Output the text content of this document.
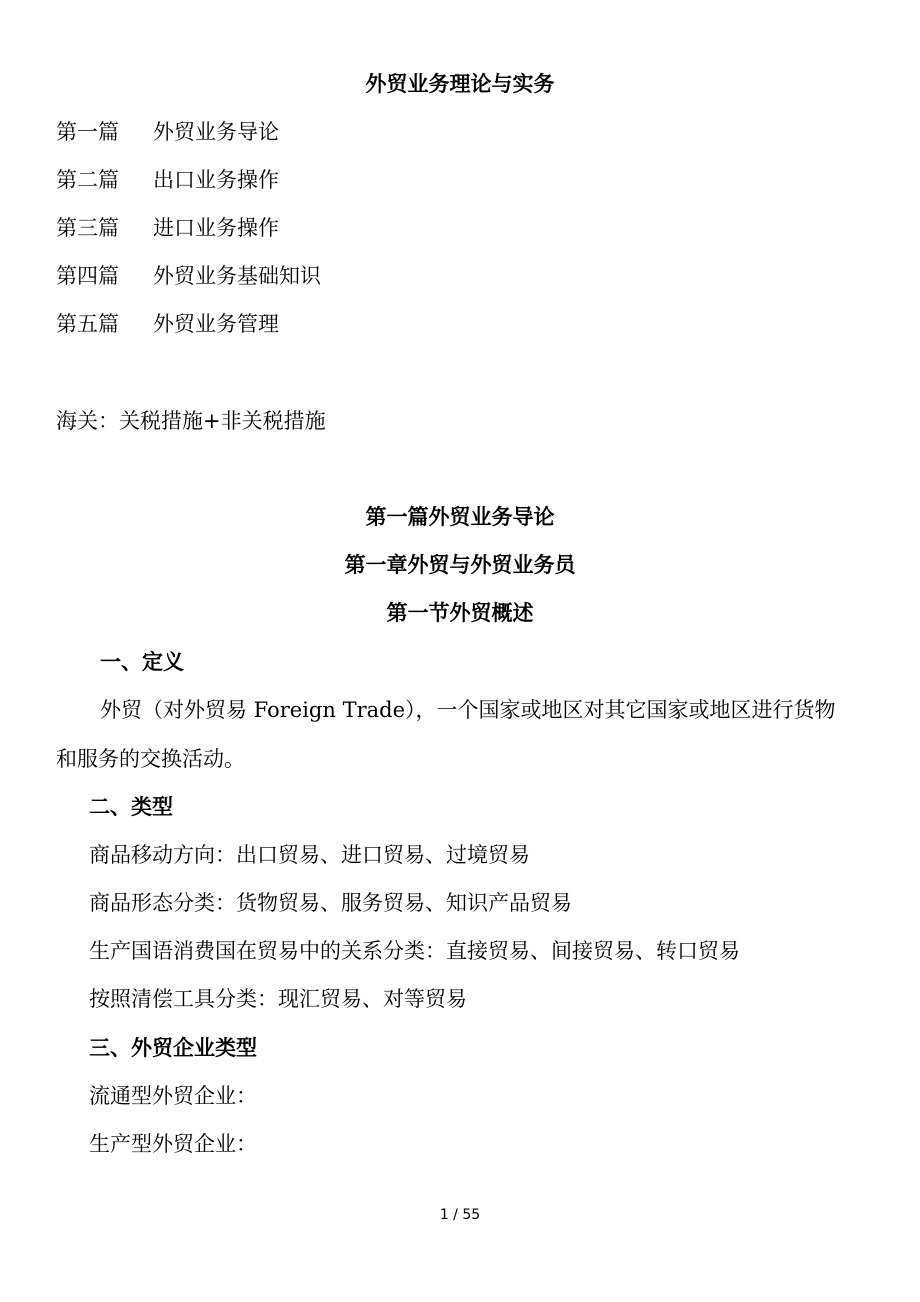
外贸业务理论与实务
第一篇 外贸业务导论
第二篇 出口业务操作
第三篇 进口业务操作
第四篇 外贸业务基础知识
第五篇 外贸业务管理
海关：关税措施+非关税措施
第一篇外贸业务导论
第一章外贸与外贸业务员
第一节外贸概述
一、定义
外贸（对外贸易 Foreign Trade），一个国家或地区对其它国家或地区进行货物
和服务的交换活动。
二、类型
商品移动方向：出口贸易、进口贸易、过境贸易
商品形态分类：货物贸易、服务贸易、知识产品贸易
生产国语消费国在贸易中的关系分类：直接贸易、间接贸易、转口贸易
按照清偿工具分类：现汇贸易、对等贸易
三、外贸企业类型
流通型外贸企业：
生产型外贸企业：
1 / 55
